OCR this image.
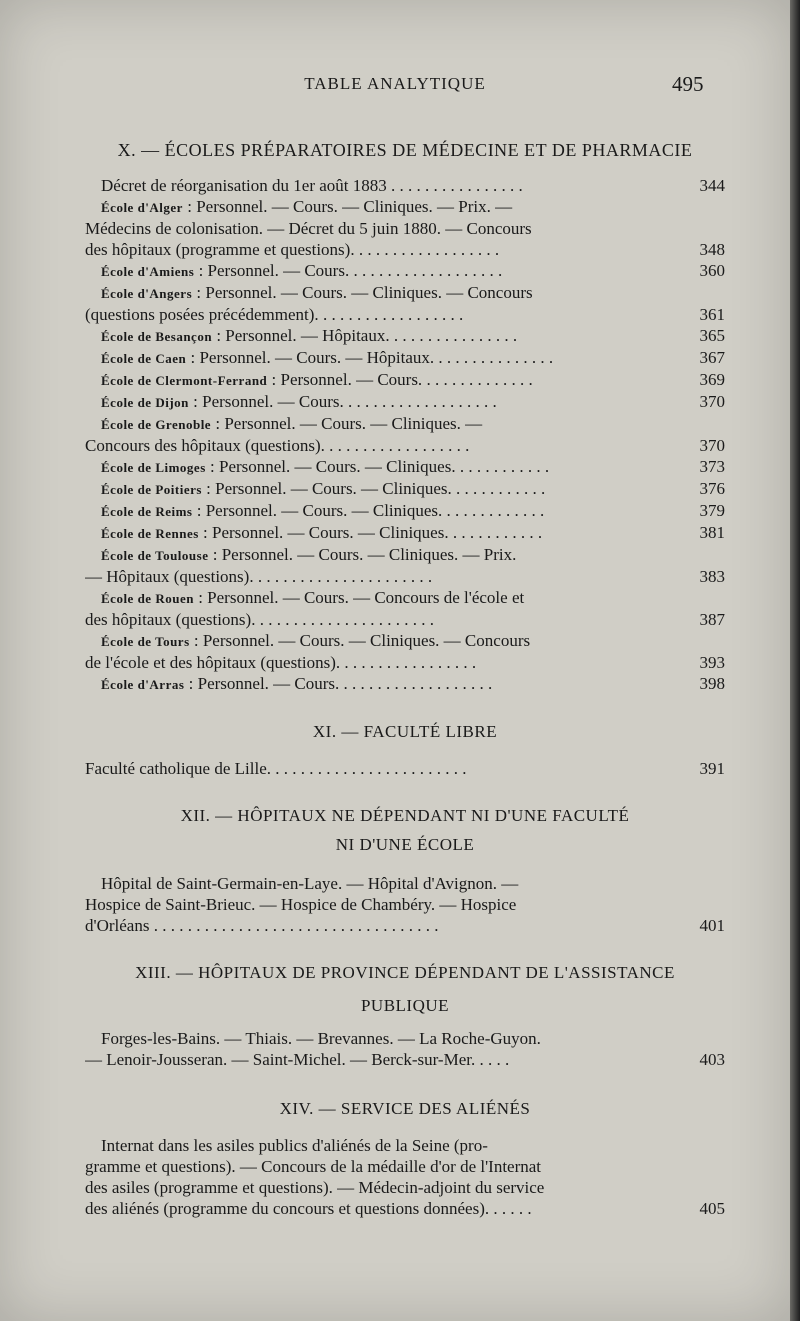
TABLE ANALYTIQUE	495

X. — ÉCOLES PRÉPARATOIRES DE MÉDECINE ET DE PHARMACIE

Décret de réorganisation du 1er août 1883 . . . . . . . . . . . . . . . .	344
École d'Alger : Personnel. — Cours. — Cliniques. — Prix. —
Médecins de colonisation. — Décret du 5 juin 1880. — Concours
des hôpitaux (programme et questions). . . . . . . . . . . . . . . . . .	348
École d'Amiens : Personnel. — Cours. . . . . . . . . . . . . . . . . . .	360
École d'Angers : Personnel. — Cours. — Cliniques. — Concours
(questions posées précédemment). . . . . . . . . . . . . . . . . .	361
École de Besançon : Personnel. — Hôpitaux. . . . . . . . . . . . . . . .	365
École de Caen : Personnel. — Cours. — Hôpitaux. . . . . . . . . . . . . . .	367
École de Clermont-Ferrand : Personnel. — Cours. . . . . . . . . . . . . .	369
École de Dijon : Personnel. — Cours. . . . . . . . . . . . . . . . . . .	370
École de Grenoble : Personnel. — Cours. — Cliniques. —
Concours des hôpitaux (questions). . . . . . . . . . . . . . . . . .	370
École de Limoges : Personnel. — Cours. — Cliniques. . . . . . . . . . . .	373
École de Poitiers : Personnel. — Cours. — Cliniques. . . . . . . . . . . .	376
École de Reims : Personnel. — Cours. — Cliniques. . . . . . . . . . . . .	379
École de Rennes : Personnel. — Cours. — Cliniques. . . . . . . . . . . .	381
École de Toulouse : Personnel. — Cours. — Cliniques. — Prix.
— Hôpitaux (questions). . . . . . . . . . . . . . . . . . . . . .	383
École de Rouen : Personnel. — Cours. — Concours de l'école et
des hôpitaux (questions). . . . . . . . . . . . . . . . . . . . . .	387
École de Tours : Personnel. — Cours. — Cliniques. — Concours
de l'école et des hôpitaux (questions). . . . . . . . . . . . . . . . .	393
École d'Arras : Personnel. — Cours. . . . . . . . . . . . . . . . . . .	398

XI. — FACULTÉ LIBRE

Faculté catholique de Lille. . . . . . . . . . . . . . . . . . . . . . . .	391

XII. — HÔPITAUX NE DÉPENDANT NI D'UNE FACULTÉ

NI D'UNE ÉCOLE

Hôpital de Saint-Germain-en-Laye. — Hôpital d'Avignon. —
Hospice de Saint-Brieuc. — Hospice de Chambéry. — Hospice
d'Orléans . . . . . . . . . . . . . . . . . . . . . . . . . . . . . . . . . .	401

XIII. — HÔPITAUX DE PROVINCE DÉPENDANT DE L'ASSISTANCE

PUBLIQUE

Forges-les-Bains. — Thiais. — Brevannes. — La Roche-Guyon.
— Lenoir-Jousseran. — Saint-Michel. — Berck-sur-Mer. . . . .	403

XIV. — SERVICE DES ALIÉNÉS

Internat dans les asiles publics d'aliénés de la Seine (pro-
gramme et questions). — Concours de la médaille d'or de l'Internat
des asiles (programme et questions). — Médecin-adjoint du service
des aliénés (programme du concours et questions données). . . . . .	405
